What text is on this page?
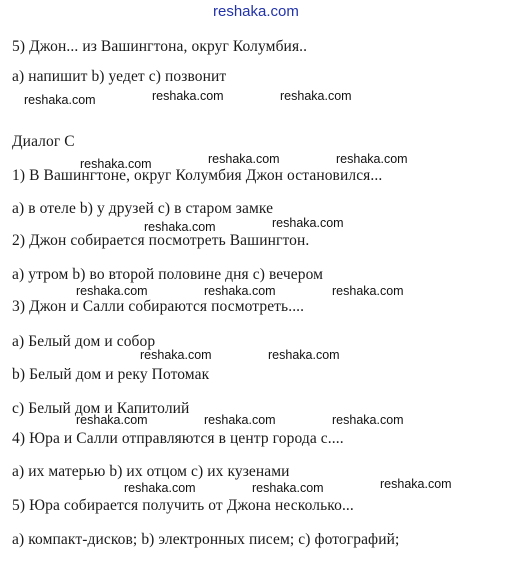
reshaka.com
5) Джон... из Вашингтона, округ Колумбия..
a) напишит b) уедет c) позвонит
Диалог С
1) В Вашингтоне, округ Колумбия Джон остановился...
a) в отеле b) у друзей c) в старом замке
2) Джон собирается посмотреть Вашингтон.
a) утром b) во второй половине дня c) вечером
3) Джон и Салли собираются посмотреть....
a) Белый дом и собор
b) Белый дом и реку Потомак
c) Белый дом и Капитолий
4) Юра и Салли отправляются в центр города с....
a) их матерью b) их отцом c) их кузенами
5) Юра собирается получить от Джона несколько...
a) компакт-дисков; b) электронных писем; c) фотографий;
reshaka.com	reshaka.com	reshaka.com
reshaka.com	reshaka.com	reshaka.com
reshaka.com	reshaka.com
reshaka.com	reshaka.com	reshaka.com
reshaka.com	reshaka.com
reshaka.com	reshaka.com	reshaka.com
reshaka.com	reshaka.com	reshaka.com
